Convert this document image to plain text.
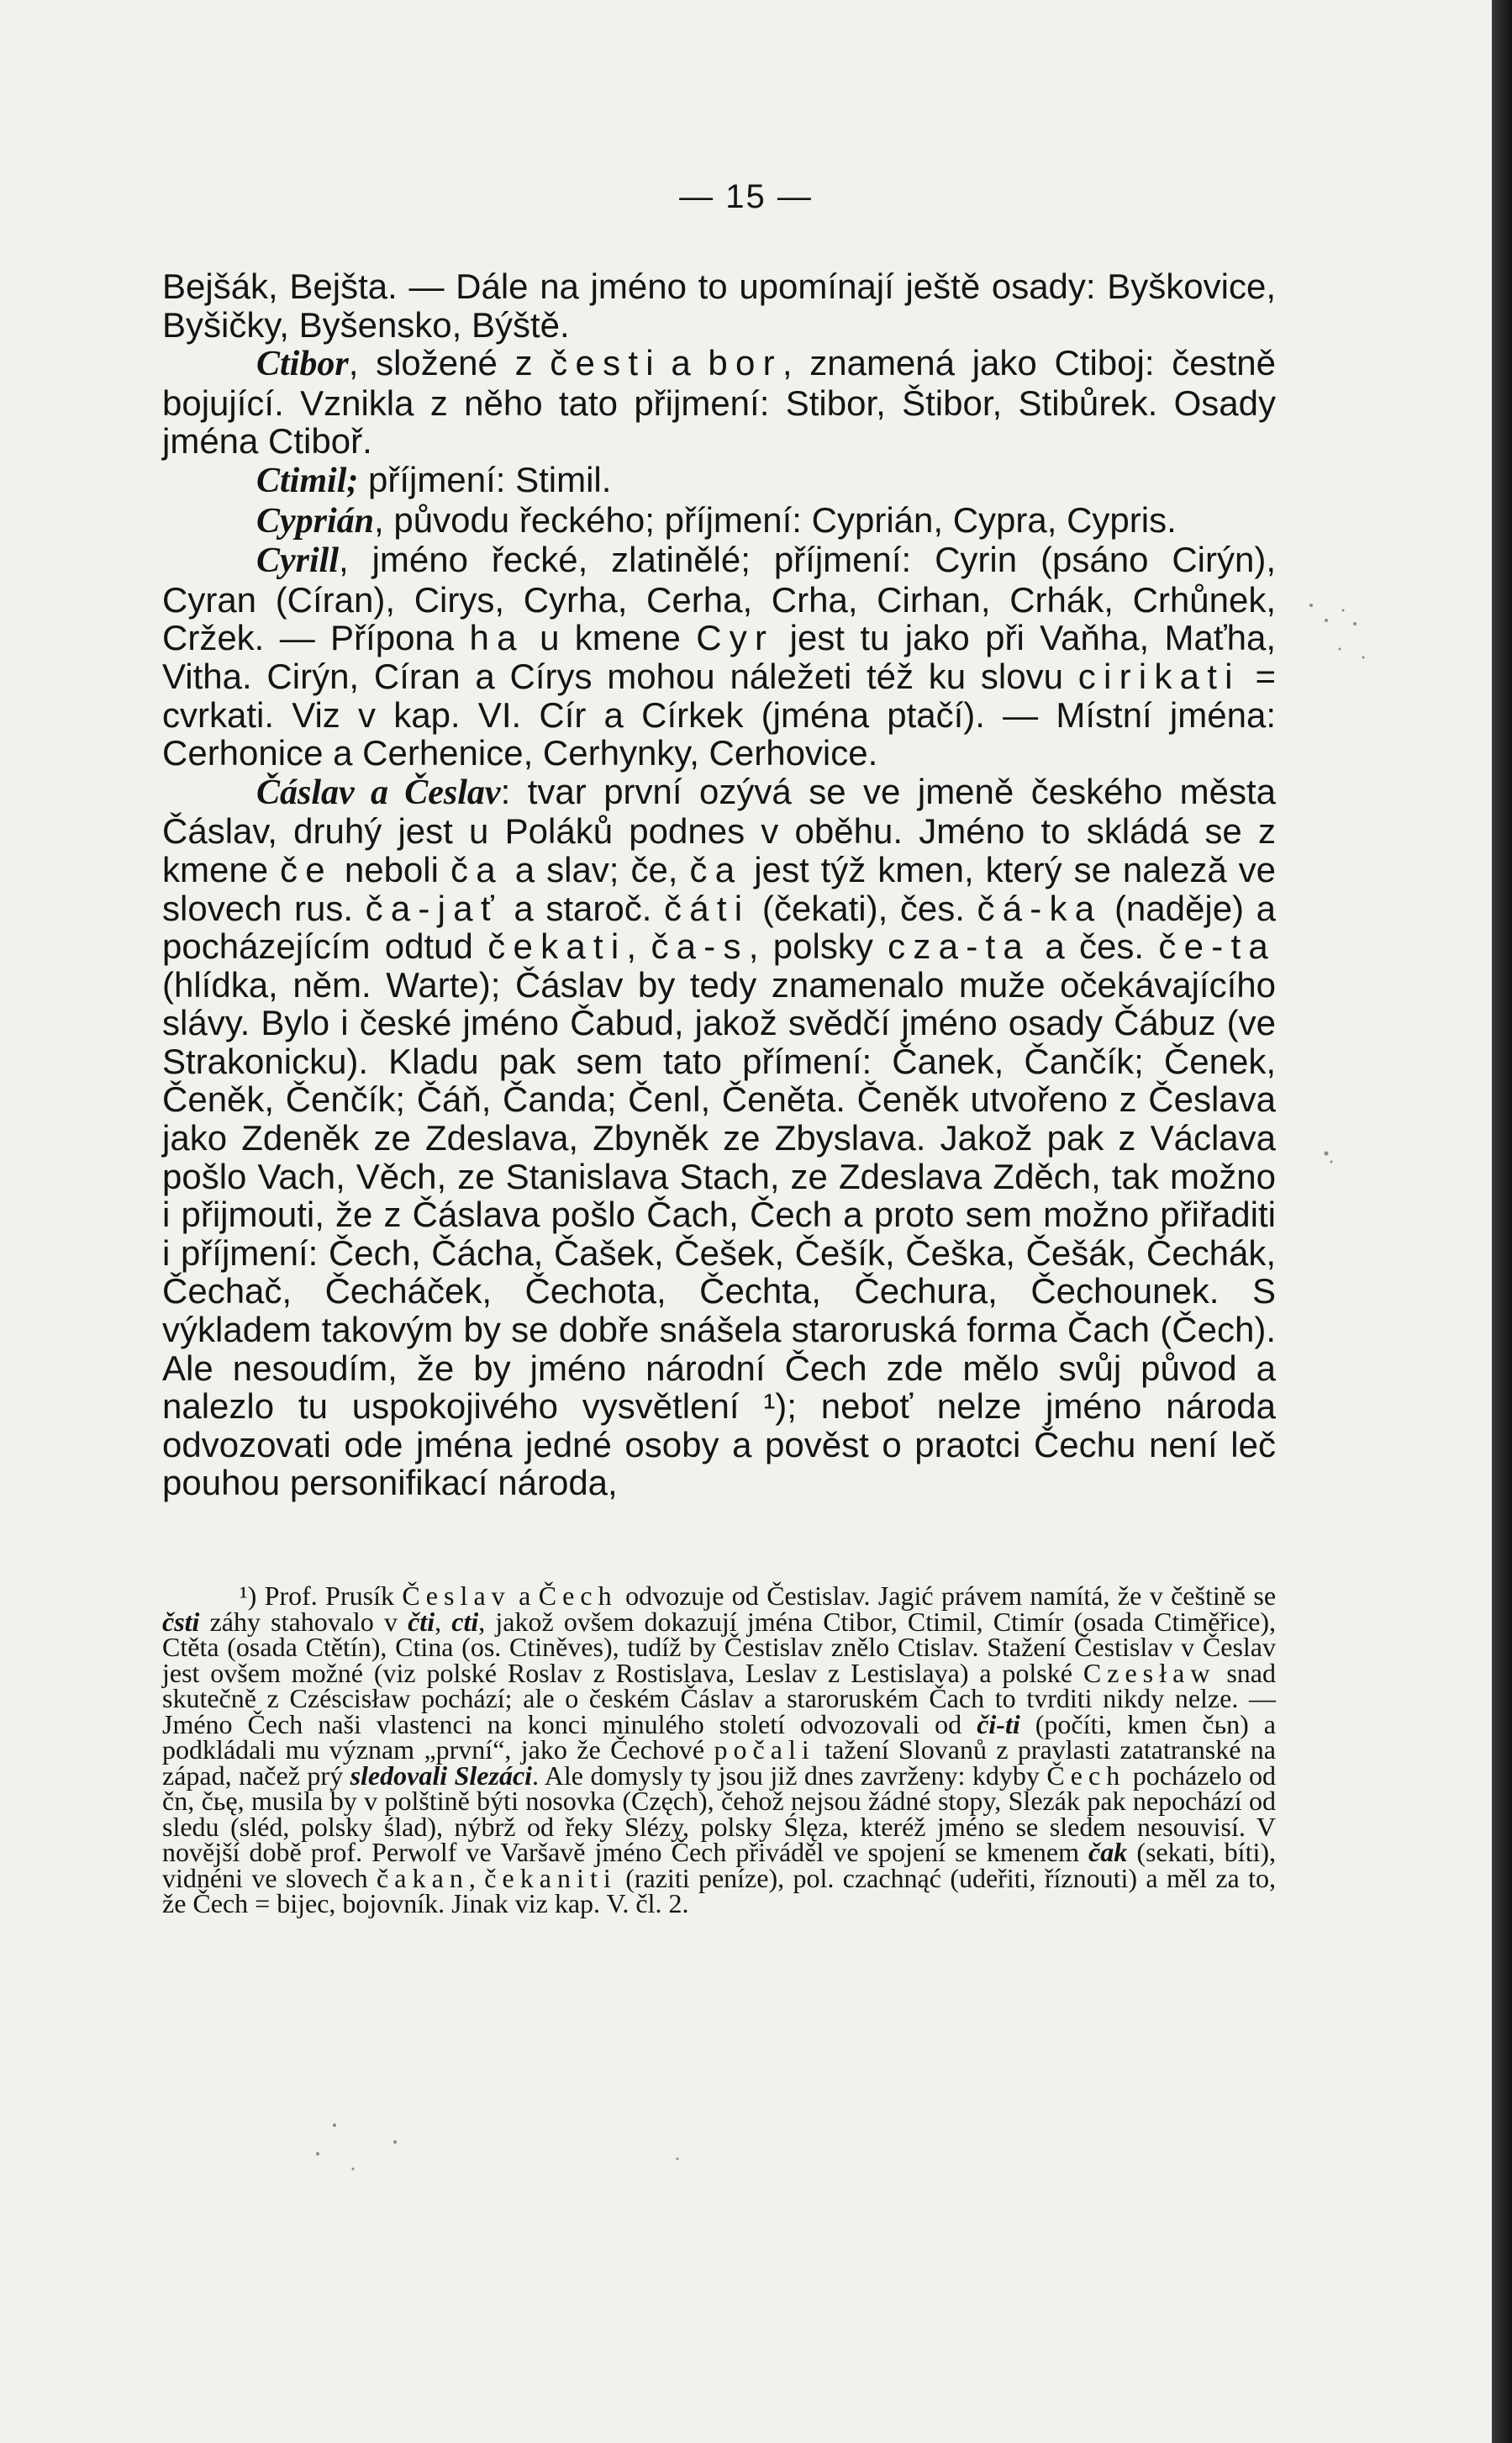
— 15 —

Bejšák, Bejšta. — Dále na jméno to upomínají ještě osady: Byškovice, Byšičky, Byšensko, Býště.

Ctibor, složené z česti a bor, znamená jako Ctiboj: čestně bojující. Vznikla z něho tato přijmení: Stibor, Štibor, Stibůrek. Osady jména Ctiboř.

Ctimil; příjmení: Stimil.

Cyprián, původu řeckého; příjmení: Cyprián, Cypra, Cypris.

Cyrill, jméno řecké, zlatinělé; příjmení: Cyrin (psáno Cirýn), Cyran (Círan), Cirys, Cyrha, Cerha, Crha, Cirhan, Crhák, Crhůnek, Cržek. — Přípona ha u kmene Cyr jest tu jako při Vaňha, Maťha, Vitha. Cirýn, Círan a Círys mohou náležeti též ku slovu cirikati = cvrkati. Viz v kap. VI. Cír a Církek (jména ptačí). — Místní jména: Cerhonice a Cerhenice, Cerhynky, Cerhovice.

Čáslav a Česlav: tvar první ozývá se ve jmeně českého města Čáslav, druhý jest u Poláků podnes v oběhu. Jméno to skládá se z kmene če neboli ča a slav; če, ča jest týž kmen, který se naleză ve slovech rus. ča-jať a staroč. čáti (čekati), čes. čá-ka (naděje) a pocházejícím odtud čekati, ča-s, polsky cza-ta a čes. če-ta (hlídka, něm. Warte); Čáslav by tedy znamenalo muže očekávajícího slávy. Bylo i české jméno Čabud, jakož svědčí jméno osady Čábuz (ve Strakonicku). Kladu pak sem tato přímení: Čanek, Čančík; Čenek, Čeněk, Čenčík; Čáň, Čanda; Čenl, Čeněta. Čeněk utvořeno z Česlava jako Zdeněk ze Zdeslava, Zbyněk ze Zbyslava. Jakož pak z Václava pošlo Vach, Věch, ze Stanislava Stach, ze Zdeslava Zděch, tak možno i přijmouti, že z Čáslava pošlo Čach, Čech a proto sem možno přiřaditi i příjmení: Čech, Čácha, Čašek, Češek, Češík, Češka, Češák, Čechák, Čechač, Čecháček, Čechota, Čechta, Čechura, Čechounek. S výkladem takovým by se dobře snášela staroruská forma Čach (Čech). Ale nesoudím, že by jméno národní Čech zde mělo svůj původ a nalezlo tu uspokojivého vysvětlení ¹); neboť nelze jméno národa odvozovati ode jména jedné osoby a pověst o praotci Čechu není leč pouhou personifikací národa,

¹) Prof. Prusík Česlav a Čech odvozuje od Čestislav. Jagić právem namítá, že v češtině se čsti záhy stahovalo v čti, cti, jakož ovšem dokazují jména Ctibor, Ctimil, Ctimír (osada Ctiměřice), Ctěta (osada Ctětín), Ctina (os. Ctiněves), tudíž by Čestislav znělo Ctislav. Stažení Čestislav v Česlav jest ovšem možné (viz polské Roslav z Rostislava, Leslav z Lestislava) a polské Czesław snad skutečně z Czéscisław pochází; ale o českém Čáslav a staroruském Čach to tvrditi nikdy nelze. — Jméno Čech naši vlastenci na konci minulého století odvozovali od či-ti (počíti, kmen čьn) a podkládali mu význam „první“, jako že Čechové počali tažení Slovanů z pravlasti zatatranské na západ, načež prý sledovali Slezáci. Ale domysly ty jsou již dnes zavrženy: kdyby Čech pocházelo od čn, čьę, musila by v polštině býti nosovka (Częch), čehož nejsou žádné stopy, Slezák pak nepochází od sledu (sléd, polsky ślad), nýbrž od řeky Slézy, polsky Ślęza, kteréž jméno se sledem nesouvisí. V novější době prof. Perwolf ve Varšavě jméno Čech přiváděl ve spojení se kmenem čak (sekati, bíti), vidnéni ve slovech čakan, čekaniti (raziti peníze), pol. czachnąć (udeřiti, říznouti) a měl za to, že Čech = bijec, bojovník. Jinak viz kap. V. čl. 2.
